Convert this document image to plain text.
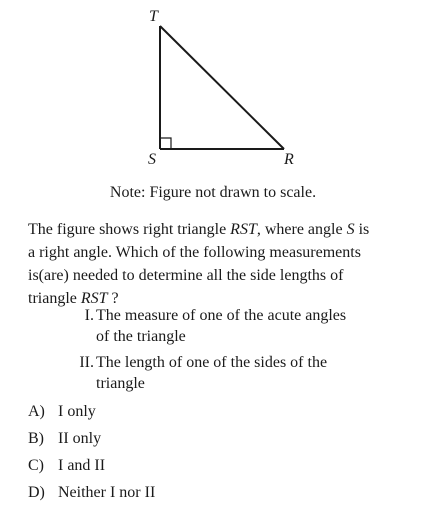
T
S	R
Note: Figure not drawn to scale.

The figure shows right triangle RST, where angle S is
a right angle. Which of the following measurements
is(are) needed to determine all the side lengths of
triangle RST ?

I. The measure of one of the acute angles
of the triangle
II. The length of one of the sides of the
triangle
A) I only
B) II only
C) I and II
D) Neither I nor II
